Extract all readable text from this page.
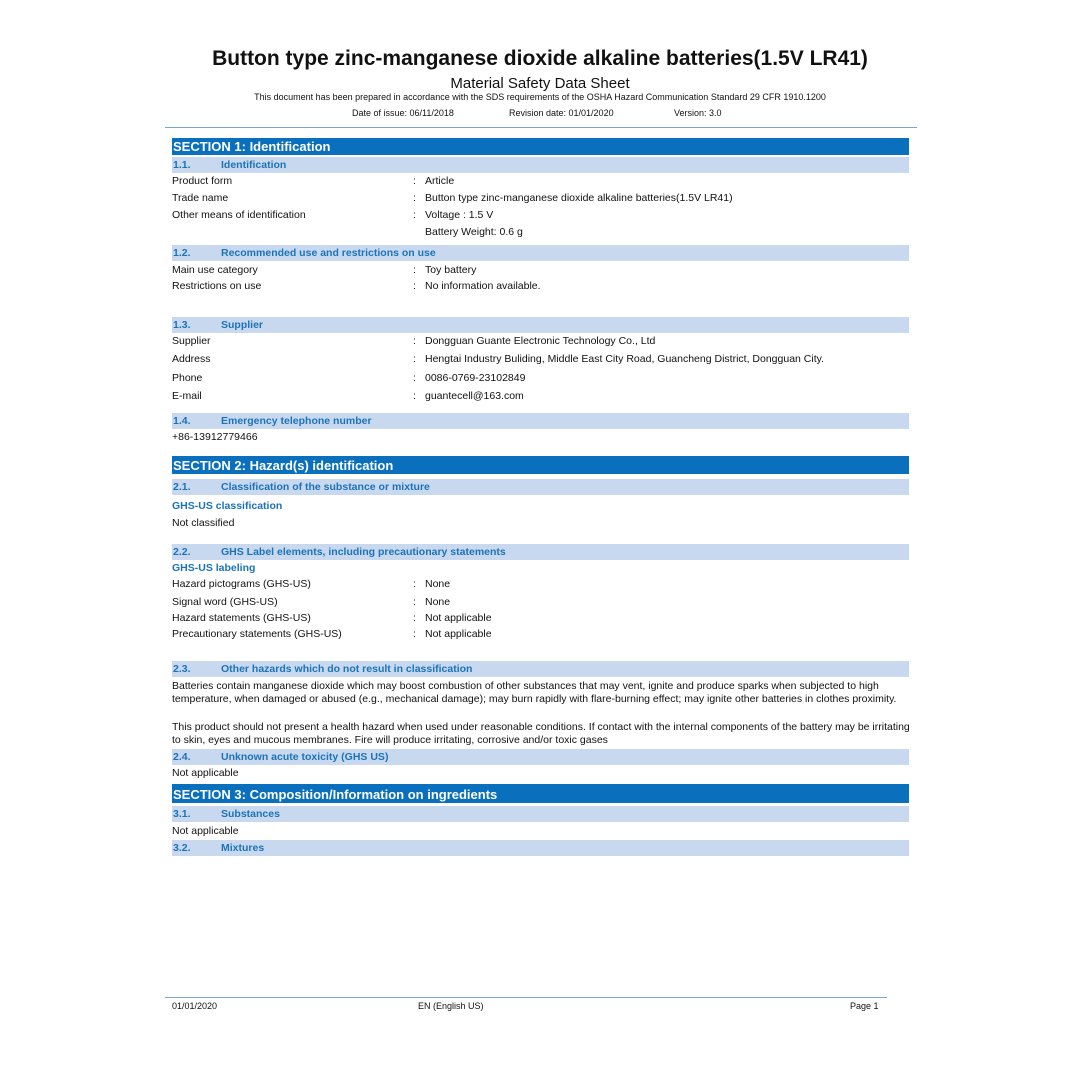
Button type zinc-manganese dioxide alkaline batteries(1.5V LR41)
Material Safety Data Sheet
This document has been prepared in accordance with the SDS requirements of the OSHA Hazard Communication Standard 29 CFR 1910.1200
Date of issue: 06/11/2018	Revision date: 01/01/2020	Version: 3.0
SECTION 1: Identification
1.1.	Identification
Product form	: Article
Trade name	: Button type zinc-manganese dioxide alkaline batteries(1.5V LR41)
Other means of identification	: Voltage : 1.5 V
Battery Weight: 0.6 g
1.2.	Recommended use and restrictions on use
Main use category	: Toy battery
Restrictions on use	: No information available.
1.3.	Supplier
Supplier	: Dongguan Guante Electronic Technology Co., Ltd
Address	: Hengtai Industry Buliding, Middle East City Road, Guancheng District, Dongguan City.
Phone	: 0086-0769-23102849
E-mail	: guantecell@163.com
1.4.	Emergency telephone number
+86-13912779466
SECTION 2: Hazard(s) identification
2.1.	Classification of the substance or mixture
GHS-US classification
Not classified
2.2.	GHS Label elements, including precautionary statements
GHS-US labeling
Hazard pictograms (GHS-US)	: None
Signal word (GHS-US)	: None
Hazard statements (GHS-US)	: Not applicable
Precautionary statements (GHS-US)	: Not applicable
2.3.	Other hazards which do not result in classification
Batteries contain manganese dioxide which may boost combustion of other substances that may vent, ignite and produce sparks when subjected to high temperature, when damaged or abused (e.g., mechanical damage); may burn rapidly with flare-burning effect; may ignite other batteries in clothes proximity.
This product should not present a health hazard when used under reasonable conditions. If contact with the internal components of the battery may be irritating to skin, eyes and mucous membranes. Fire will produce irritating, corrosive and/or toxic gases
2.4.	Unknown acute toxicity (GHS US)
Not applicable
SECTION 3: Composition/Information on ingredients
3.1.	Substances
Not applicable
3.2.	Mixtures
01/01/2020	EN (English US)	Page 1
